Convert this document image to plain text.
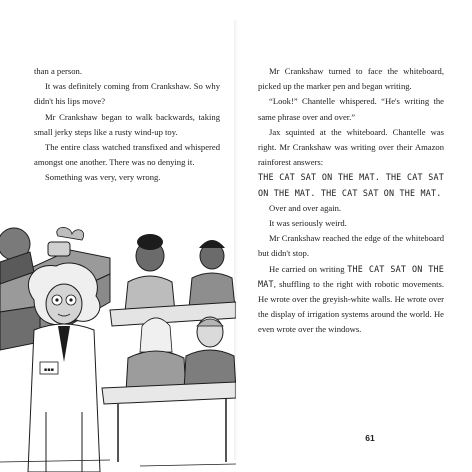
than a person.

It was definitely coming from Crankshaw. So why didn't his lips move?

Mr Crankshaw began to walk backwards, taking small jerky steps like a rusty wind-up toy.

The entire class watched transfixed and whispered amongst one another. There was no denying it.

Something was very, very wrong.

▪▪▪

Mr Crankshaw turned to face the whiteboard, picked up the marker pen and began writing.

“Look!” Chantelle whispered. “He's writing the same phrase over and over.”

Jax squinted at the whiteboard. Chantelle was right. Mr Crankshaw was writing over their Amazon rainforest answers:

THE CAT SAT ON THE MAT. THE CAT SAT ON THE MAT. THE CAT SAT ON THE MAT.

Over and over again.

It was seriously weird.

Mr Crankshaw reached the edge of the whiteboard but didn't stop.

He carried on writing THE CAT SAT ON THE MAT, shuffling to the right with robotic movements. He wrote over the greyish-white walls. He wrote over the display of irrigation systems around the world. He even wrote over the windows.

61
